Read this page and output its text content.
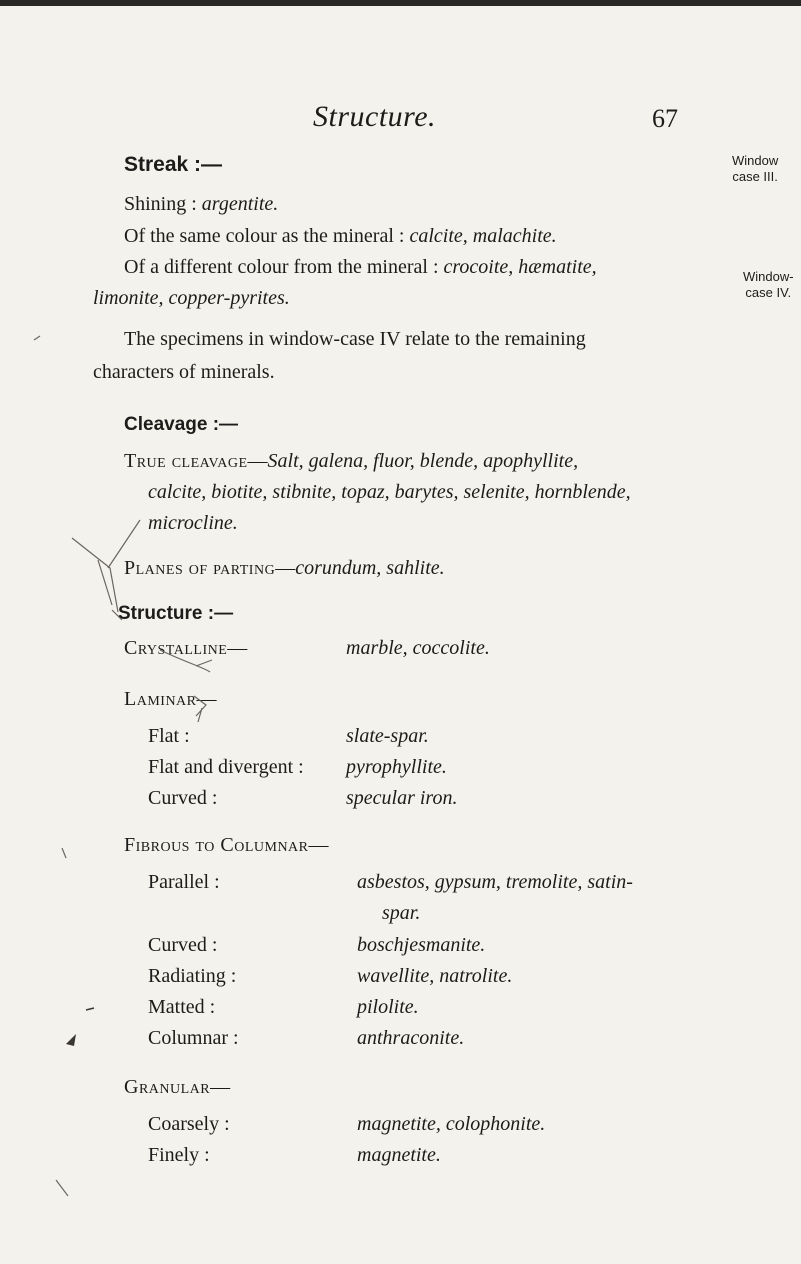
Structure.	67
Window
case III.
Window-
case IV.
Streak :—
Shining : argentite.
Of the same colour as the mineral : calcite, malachite.
Of a different colour from the mineral : crocoite, hæmatite,
limonite, copper-pyrites.
The specimens in window-case IV relate to the remaining
characters of minerals.
Cleavage :—
True cleavage—Salt, galena, fluor, blende, apophyllite,
calcite, biotite, stibnite, topaz, barytes, selenite, hornblende,
microcline.
Planes of parting—corundum, sahlite.
Structure :—
Crystalline—	marble, coccolite.
Laminar—
Flat :	slate-spar.
Flat and divergent : pyrophyllite.
Curved :	specular iron.
Fibrous to Columnar—
Parallel :	asbestos, gypsum, tremolite, satin-
spar.
Curved :	boschjesmanite.
Radiating :	wavellite, natrolite.
Matted :	pilolite.
Columnar :	anthraconite.
Granular—
Coarsely :	magnetite, colophonite.
Finely :	magnetite.
